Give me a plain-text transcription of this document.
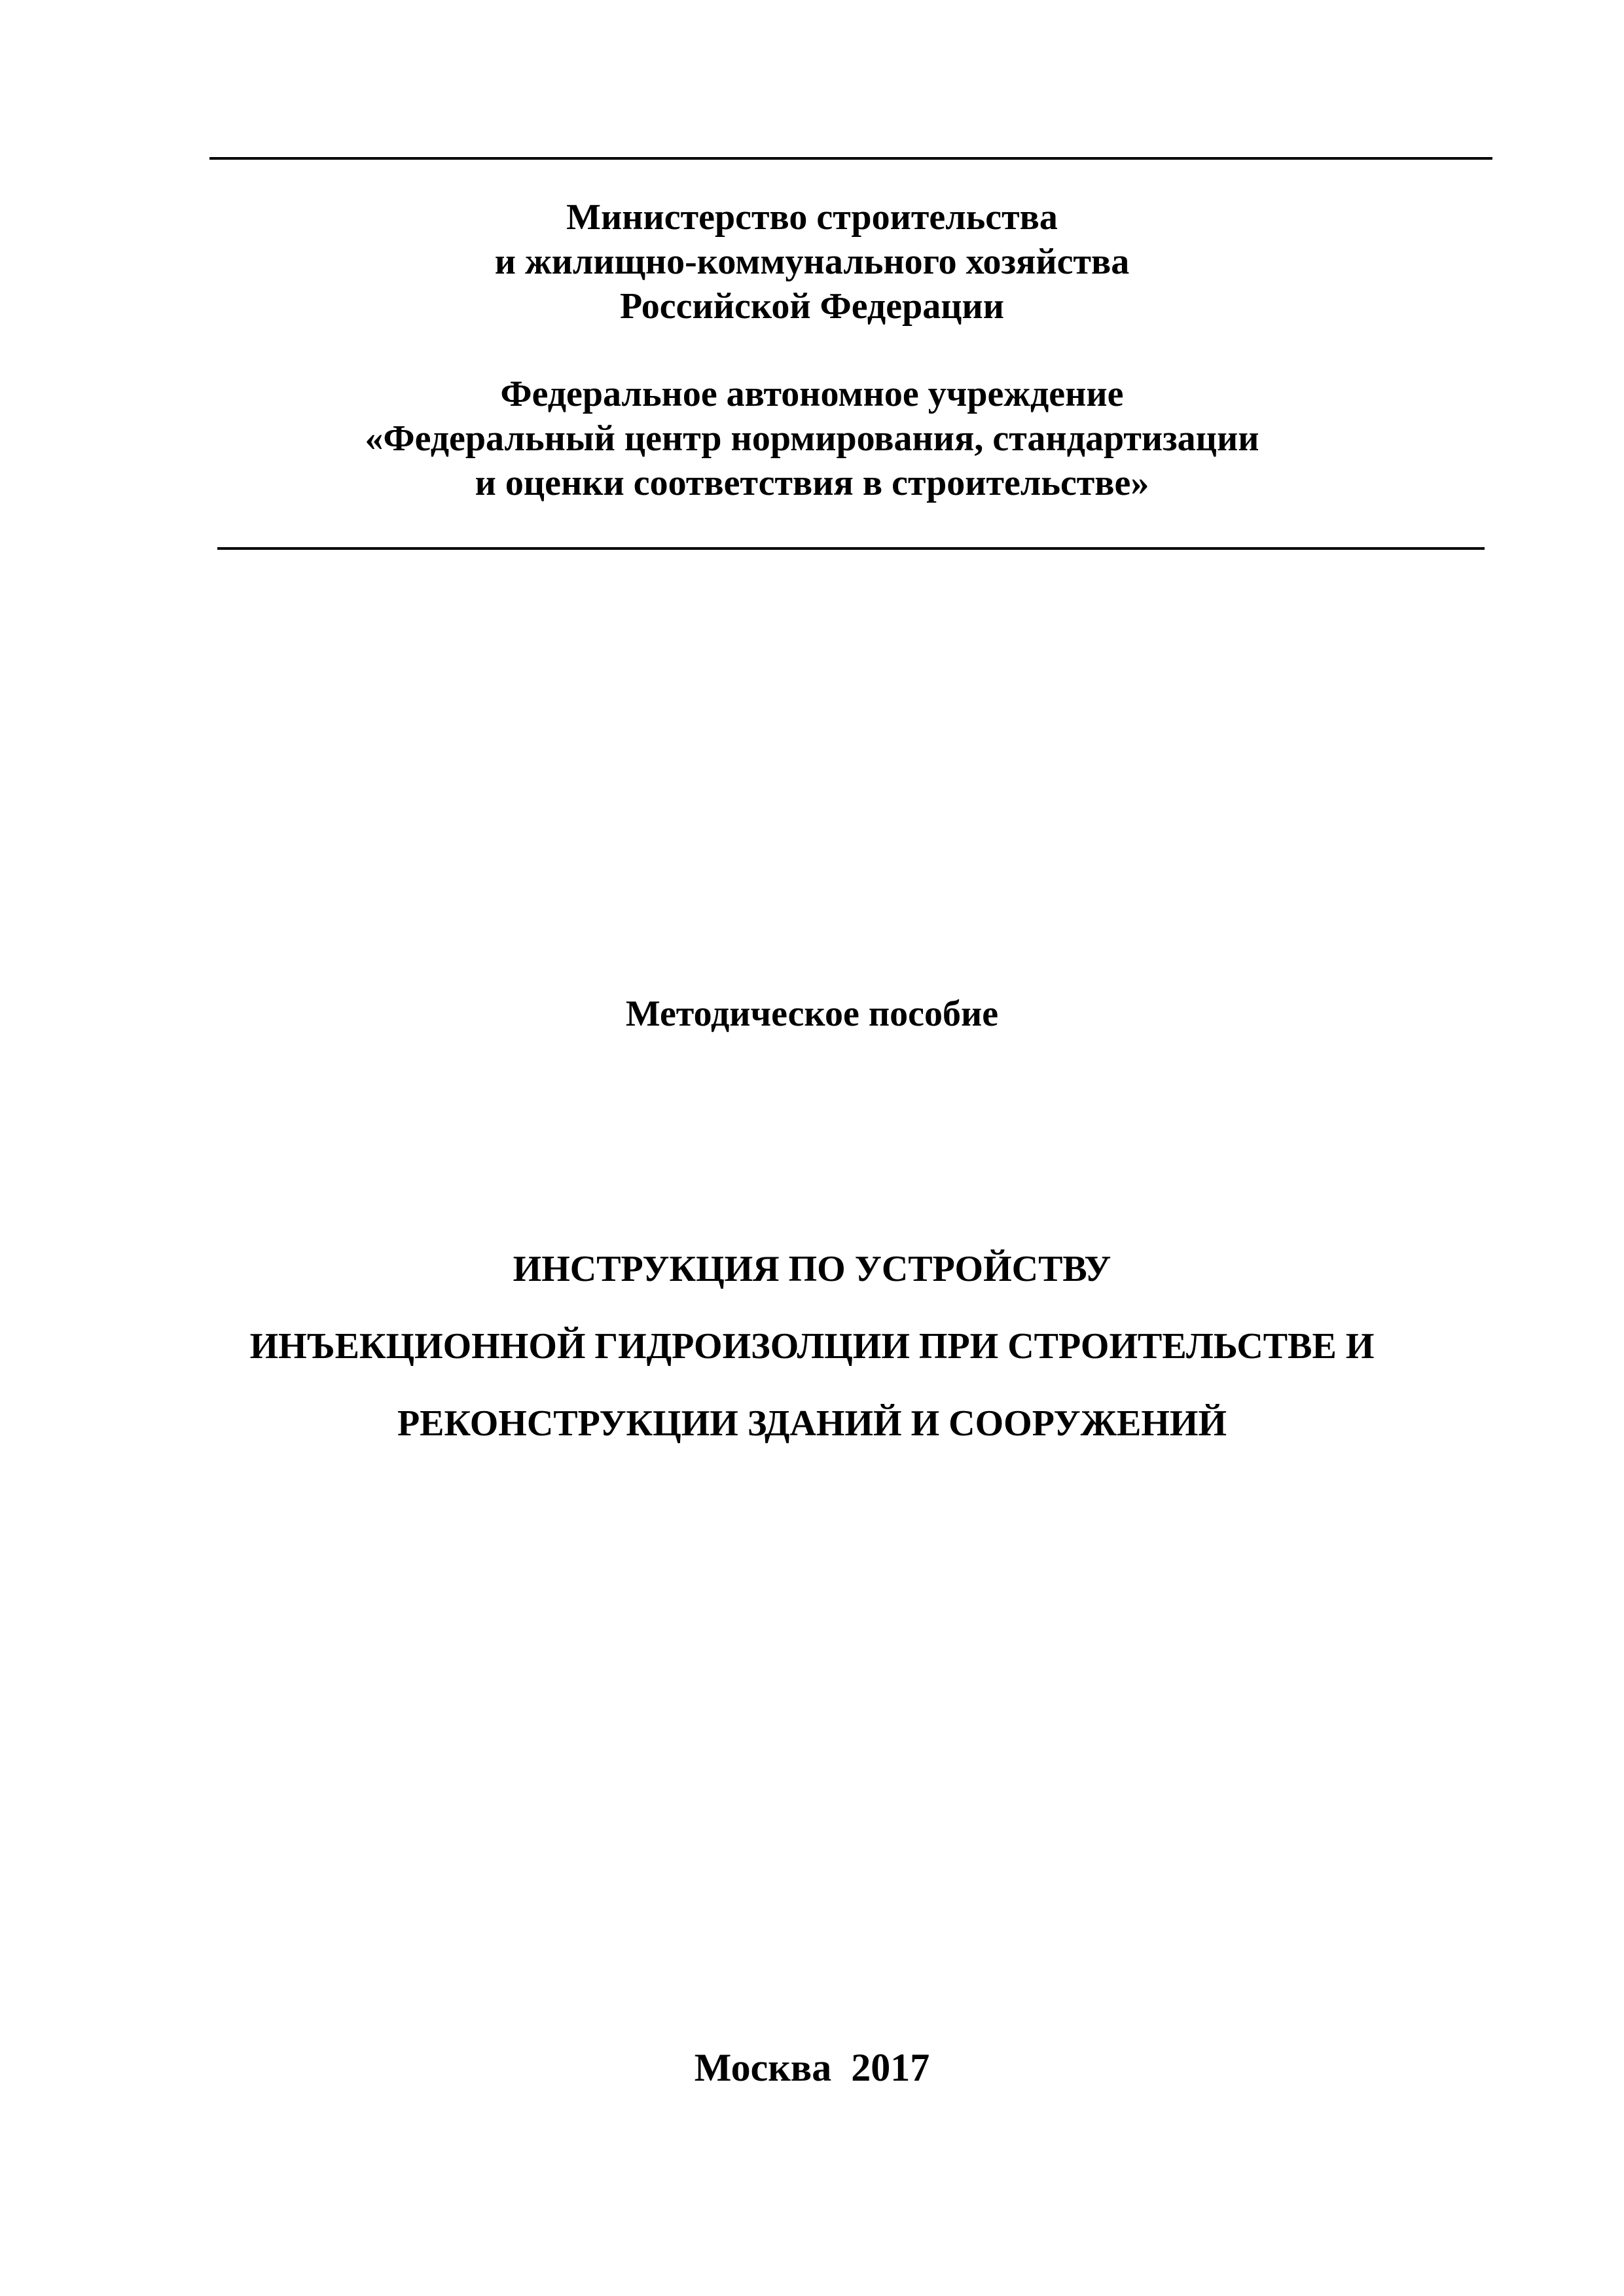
Министерство строительства
и жилищно-коммунального хозяйства
Российской Федерации
Федеральное автономное учреждение
«Федеральный центр нормирования, стандартизации
и оценки соответствия в строительстве»
Методическое пособие
ИНСТРУКЦИЯ ПО УСТРОЙСТВУ
ИНЪЕКЦИОННОЙ ГИДРОИЗОЛЦИИ ПРИ СТРОИТЕЛЬСТВЕ И
РЕКОНСТРУКЦИИ ЗДАНИЙ И СООРУЖЕНИЙ
Москва  2017
